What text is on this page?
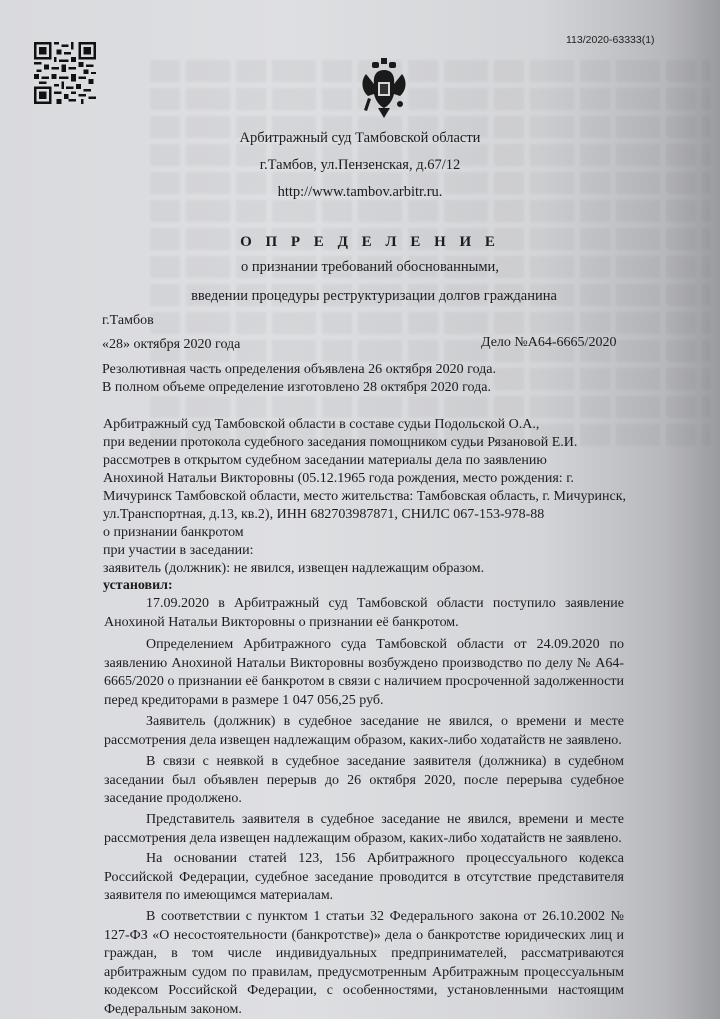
113/2020-63333(1)
Арбитражный суд Тамбовской области
г.Тамбов, ул.Пензенская, д.67/12
http://www.tambov.arbitr.ru.
О П Р Е Д Е Л Е Н И Е
о признании требований обоснованными,
введении процедуры реструктуризации долгов гражданина
г.Тамбов
«28» октября 2020 года	Дело №А64-6665/2020
Резолютивная часть определения объявлена 26 октября 2020 года.
В полном объеме определение изготовлено 28 октября 2020 года.
Арбитражный суд Тамбовской области в составе судьи Подольской О.А.,
при ведении протокола судебного заседания помощником судьи Рязановой Е.И.
рассмотрев в открытом судебном заседании материалы дела по заявлению
Анохиной Натальи Викторовны (05.12.1965 года рождения, место рождения: г.
Мичуринск Тамбовской области, место жительства: Тамбовская область, г. Мичуринск,
ул.Транспортная, д.13, кв.2), ИНН 682703987871, СНИЛС 067-153-978-88
о признании банкротом
при участии в заседании:
заявитель (должник): не явился, извещен надлежащим образом.
установил:
17.09.2020 в Арбитражный суд Тамбовской области поступило заявление Анохиной Натальи Викторовны о признании её банкротом.
Определением Арбитражного суда Тамбовской области от 24.09.2020 по заявлению Анохиной Натальи Викторовны возбуждено производство по делу № А64-6665/2020 о признании её банкротом в связи с наличием просроченной задолженности перед кредиторами в размере 1 047 056,25 руб.
Заявитель (должник) в судебное заседание не явился, о времени и месте рассмотрения дела извещен надлежащим образом, каких-либо ходатайств не заявлено.
В связи с неявкой в судебное заседание заявителя (должника) в судебном заседании был объявлен перерыв до 26 октября 2020, после перерыва судебное заседание продолжено.
Представитель заявителя в судебное заседание не явился, времени и месте рассмотрения дела извещен надлежащим образом, каких-либо ходатайств не заявлено.
На основании статей 123, 156 Арбитражного процессуального кодекса Российской Федерации, судебное заседание проводится в отсутствие представителя заявителя по имеющимся материалам.
В соответствии с пунктом 1 статьи 32 Федерального закона от 26.10.2002 № 127-ФЗ «О несостоятельности (банкротстве)» дела о банкротстве юридических лиц и граждан, в том числе индивидуальных предпринимателей, рассматриваются арбитражным судом по правилам, предусмотренным Арбитражным процессуальным кодексом Российской Федерации, с особенностями, установленными настоящим Федеральным законом.
